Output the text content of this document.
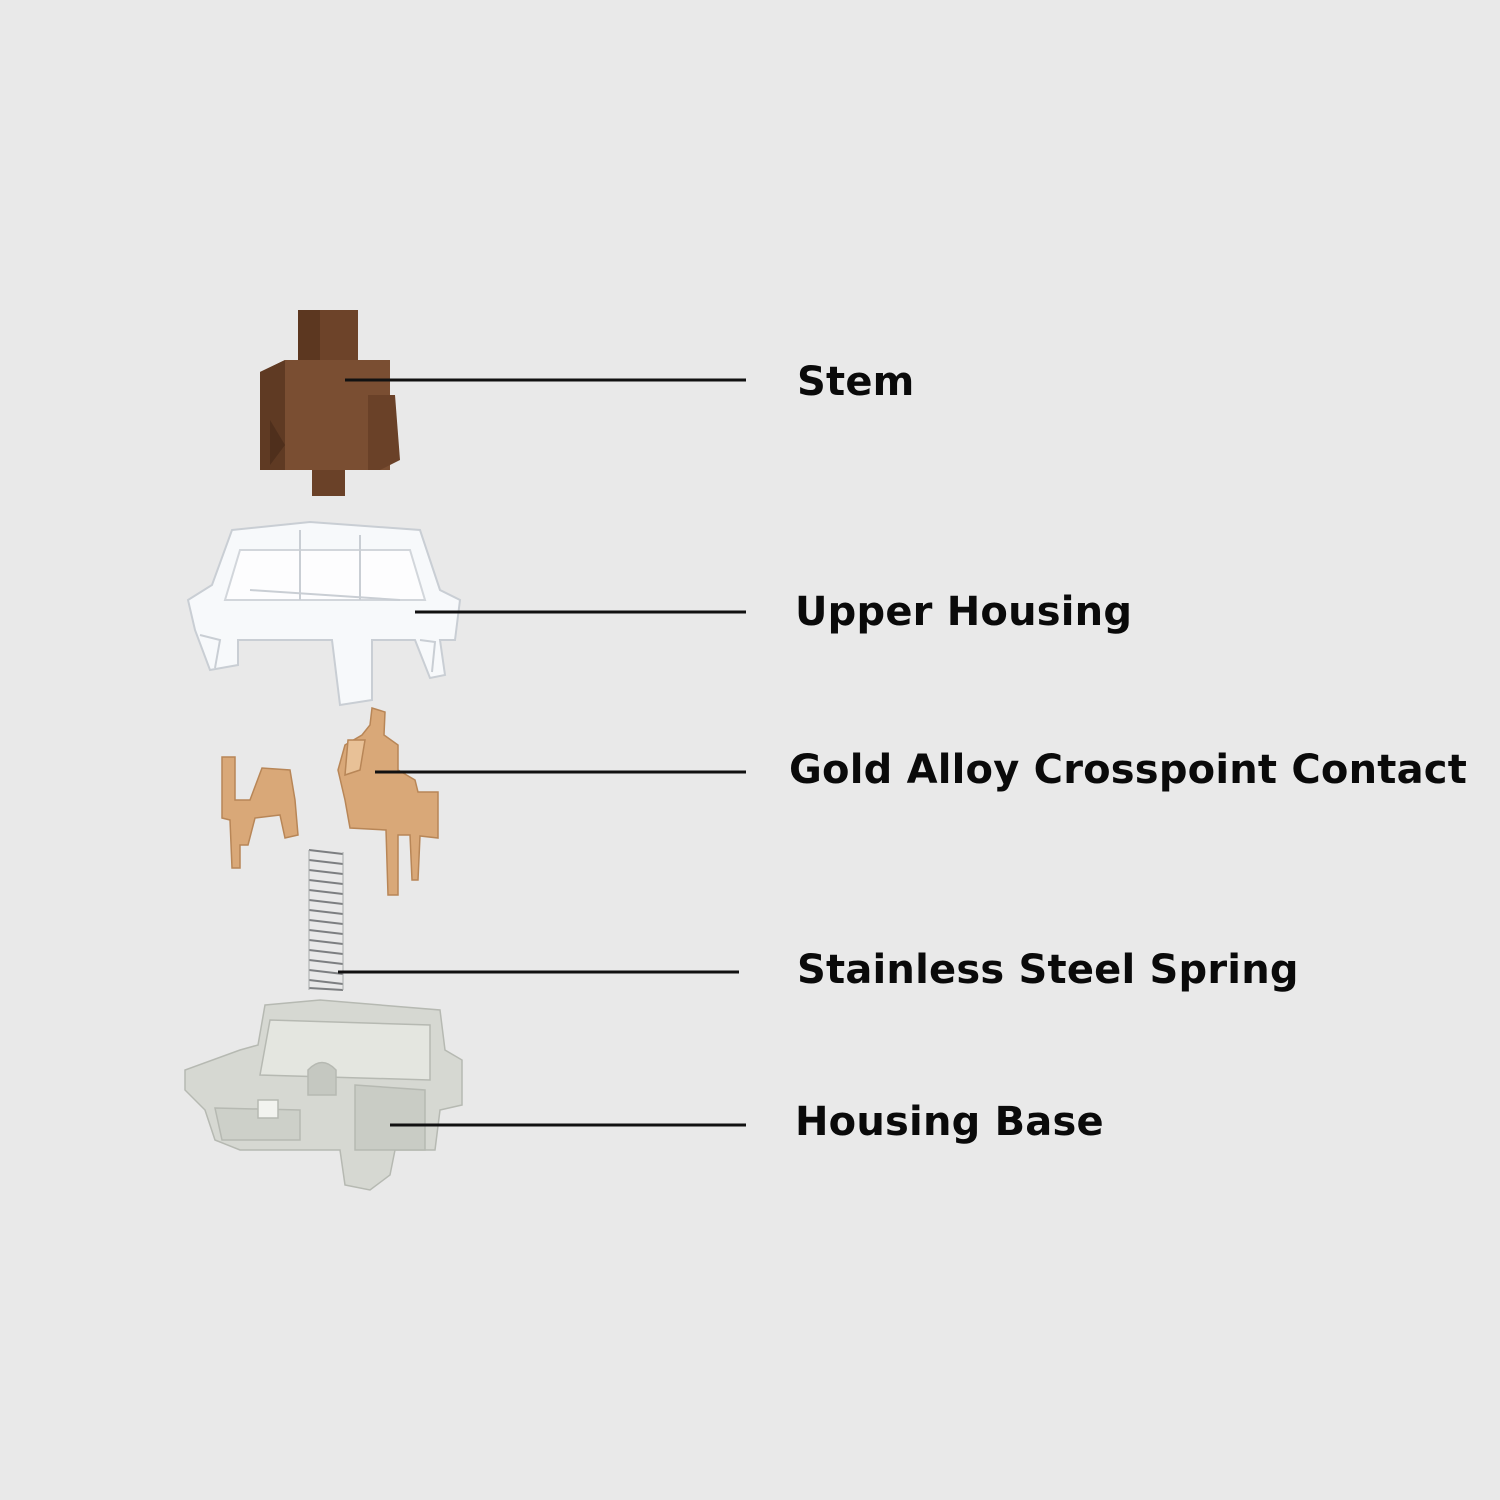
Stem
Upper Housing
Gold Alloy Crosspoint Contact
Stainless Steel Spring
Housing Base
